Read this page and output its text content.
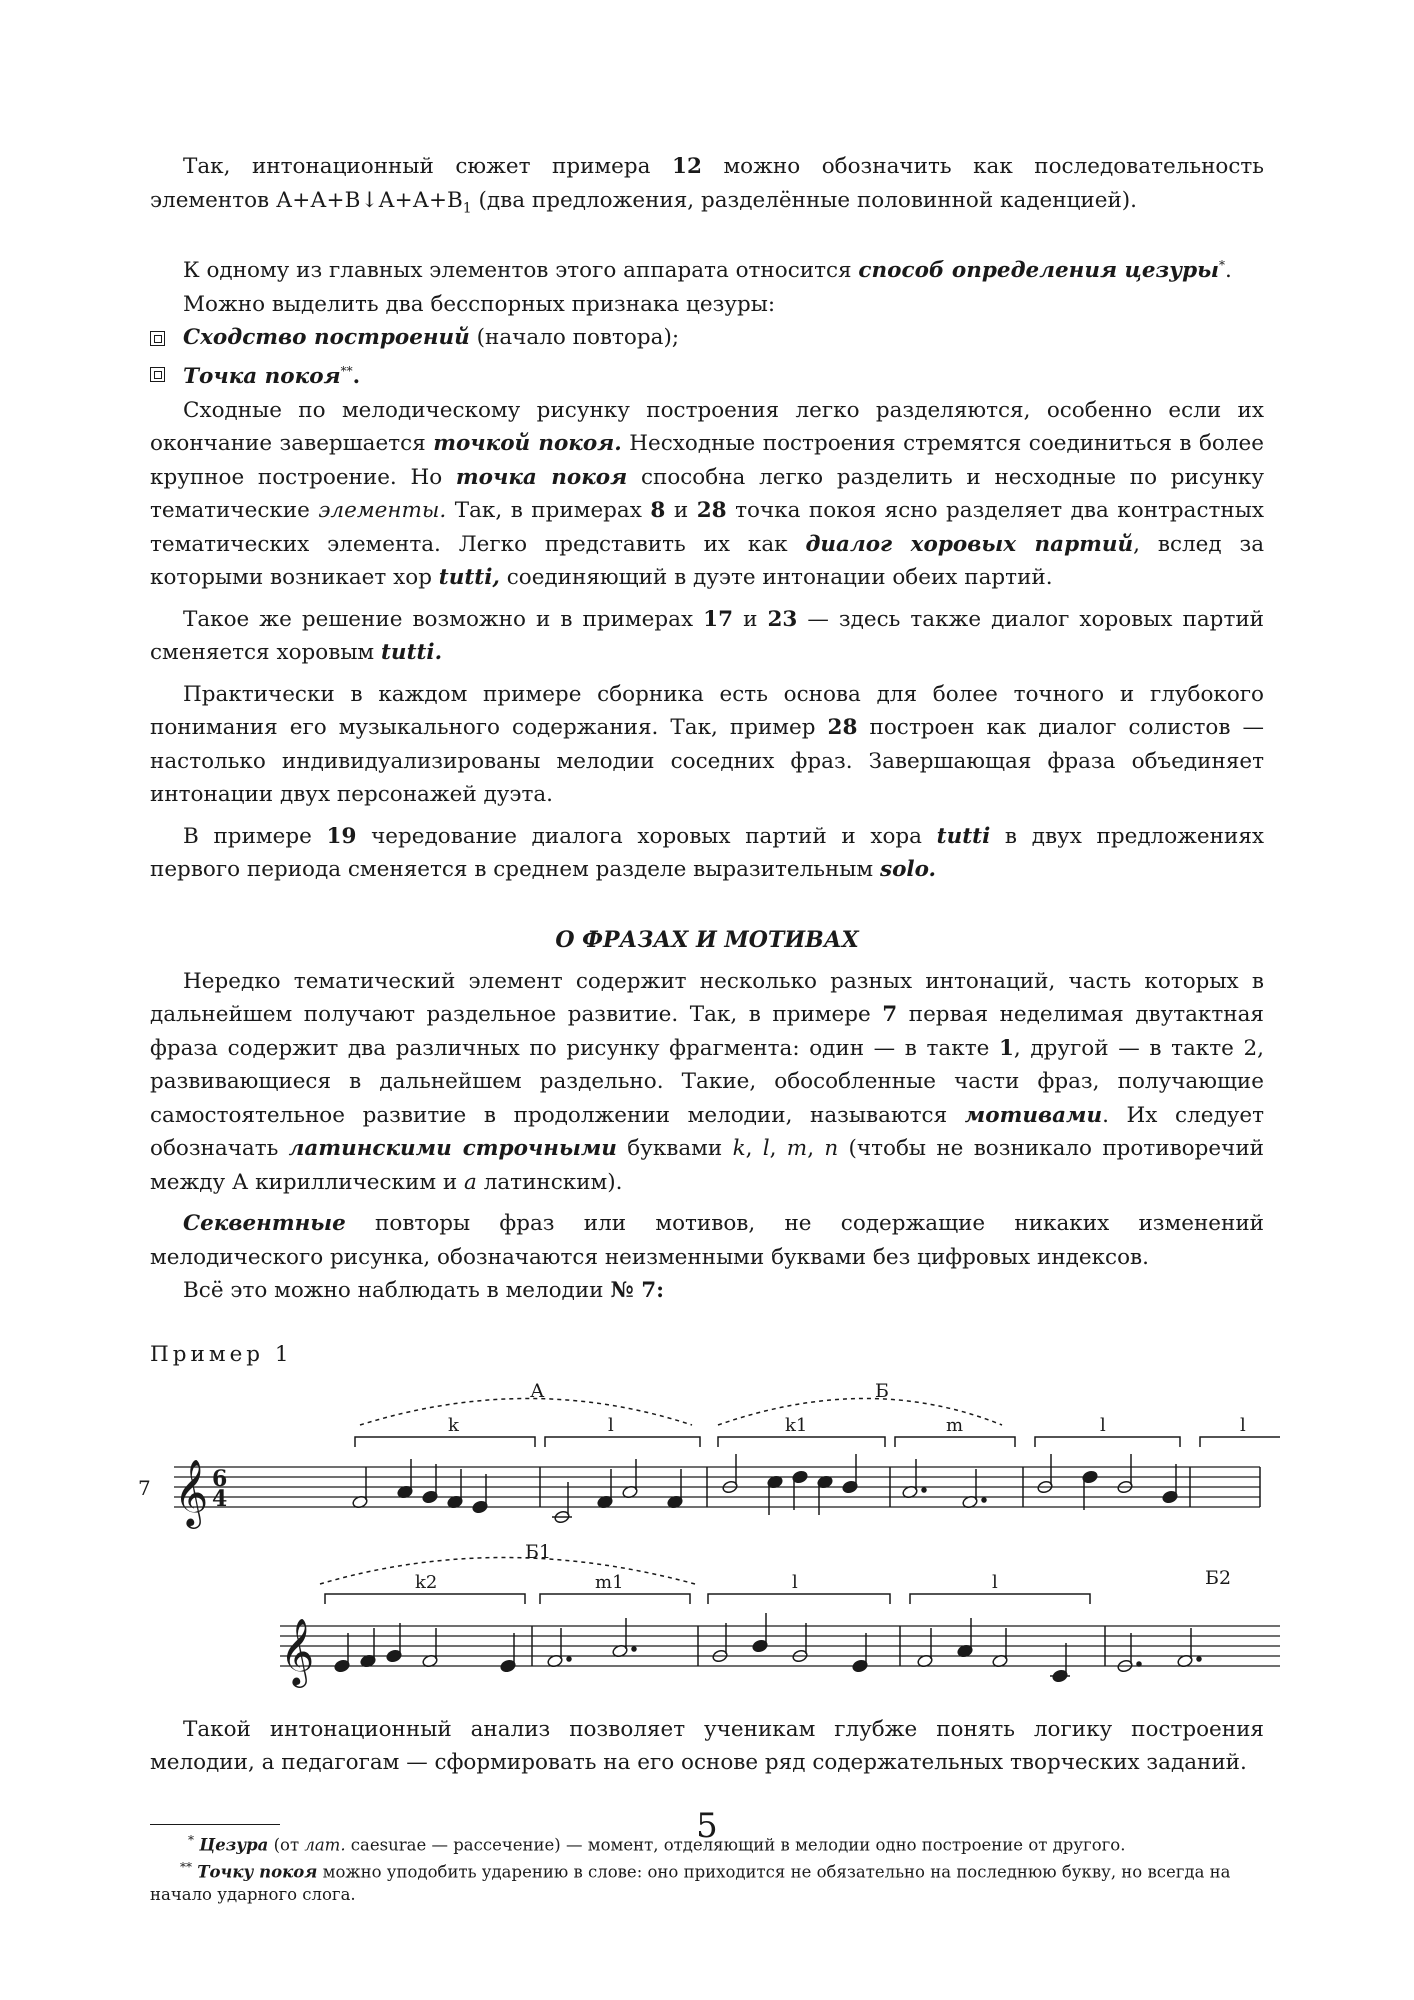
Так, интонационный сюжет примера 12 можно обозначить как последовательность элементов $А+А+В↓А+А+В_1$ (два предложения, разделённые половинной каденцией).

К одному из главных элементов этого аппарата относится способ определения цезуры*.

Можно выделить два бесспорных признака цезуры:

Сходство построений (начало повтора);
Точка покоя**.

Сходные по мелодическому рисунку построения легко разделяются, особенно если их окончание завершается точкой покоя. Несходные построения стремятся соединиться в более крупное построение. Но точка покоя способна легко разделить и несходные по рисунку тематические элементы. Так, в примерах 8 и 28 точка покоя ясно разделяет два контрастных тематических элемента. Легко представить их как диалог хоровых партий, вслед за которыми возникает хор tutti, соединяющий в дуэте интонации обеих партий.

Такое же решение возможно и в примерах 17 и 23 — здесь также диалог хоровых партий сменяется хоровым tutti.

Практически в каждом примере сборника есть основа для более точного и глубокого понимания его музыкального содержания. Так, пример 28 построен как диалог солистов — настолько индивидуализированы мелодии соседних фраз. Завершающая фраза объединяет интонации двух персонажей дуэта.

В примере 19 чередование диалога хоровых партий и хора tutti в двух предложениях первого периода сменяется в среднем разделе выразительным solo.

О ФРАЗАХ И МОТИВАХ

Нередко тематический элемент содержит несколько разных интонаций, часть которых в дальнейшем получают раздельное развитие. Так, в примере 7 первая неделимая двутактная фраза содержит два различных по рисунку фрагмента: один — в такте 1, другой — в такте 2, развивающиеся в дальнейшем раздельно. Такие, обособленные части фраз, получающие самостоятельное развитие в продолжении мелодии, называются мотивами. Их следует обозначать латинскими строчными буквами k, l, m, n (чтобы не возникало противоречий между А кириллическим и а латинским).

Секвентные повторы фраз или мотивов, не содержащие никаких изменений мелодического рисунка, обозначаются неизменными буквами без цифровых индексов.

Всё это можно наблюдать в мелодии № 7:

Пример 1
А	Б
7
k	l	k1	m	l	l
𝄞 6
4
Б1
Б2
k2	m1	l	l
𝄞

Такой интонационный анализ позволяет ученикам глубже понять логику построения мелодии, а педагогам — сформировать на его основе ряд содержательных творческих заданий.

* Цезура (от лат. caesurae — рассечение) — момент, отделяющий в мелодии одно построение от другого.
** Точку покоя можно уподобить ударению в слове: оно приходится не обязательно на последнюю букву, но всегда на начало ударного слога.
5
